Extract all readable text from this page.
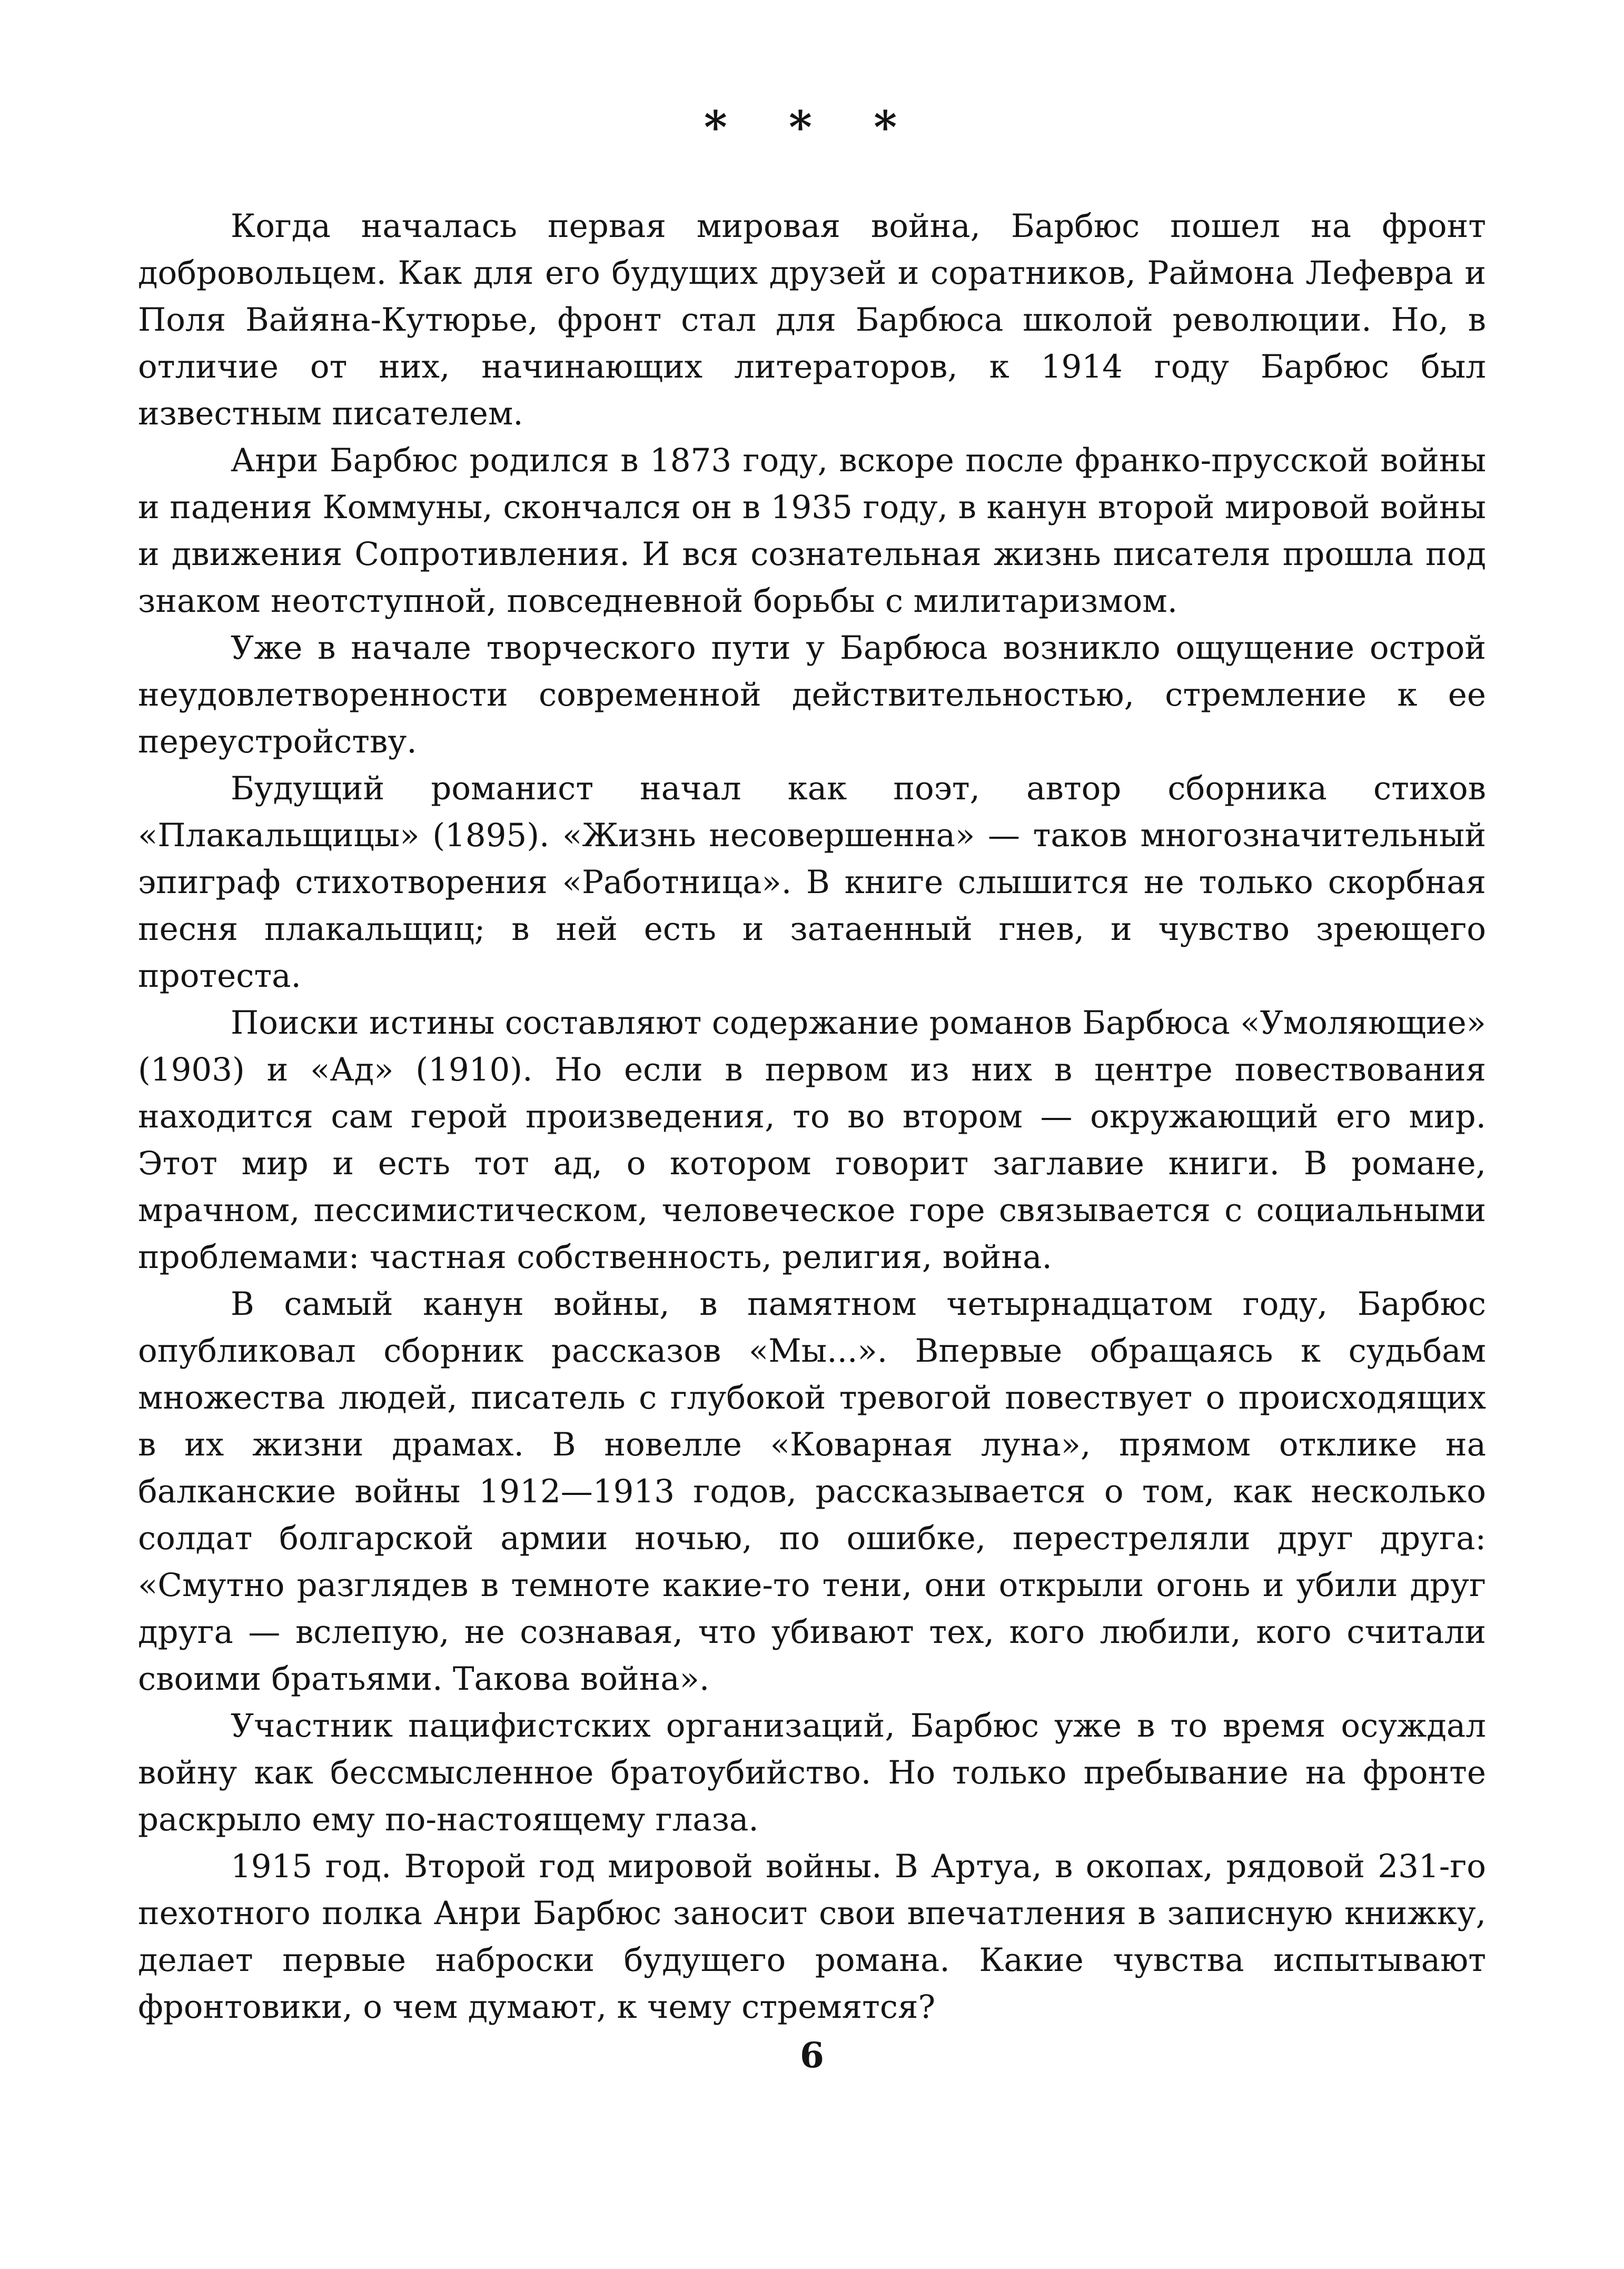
* * *

Когда началась первая мировая война, Барбюс пошел на фронт добровольцем. Как для его будущих друзей и соратников, Раймона Лефевра и Поля Вайяна-Кутюрье, фронт стал для Барбюса школой революции. Но, в отличие от них, начинающих литераторов, к 1914 году Барбюс был известным писателем.

Анри Барбюс родился в 1873 году, вскоре после франко-прусской войны и падения Коммуны, скончался он в 1935 году, в канун второй мировой войны и движения Сопротивления. И вся сознательная жизнь писателя прошла под знаком неотступной, повседневной борьбы с милитаризмом.

Уже в начале творческого пути у Барбюса возникло ощущение острой неудовлетворенности современной действительностью, стремление к ее переустройству.

Будущий романист начал как поэт, автор сборника стихов «Плакальщицы» (1895). «Жизнь несовершенна» — таков многозначительный эпиграф стихотворения «Работница». В книге слышится не только скорбная песня плакальщиц; в ней есть и затаенный гнев, и чувство зреющего протеста.

Поиски истины составляют содержание романов Барбюса «Умоляющие» (1903) и «Ад» (1910). Но если в первом из них в центре повествования находится сам герой произведения, то во втором — окружающий его мир. Этот мир и есть тот ад, о котором говорит заглавие книги. В романе, мрачном, пессимистическом, человеческое горе связывается с социальными проблемами: частная собственность, религия, война.

В самый канун войны, в памятном четырнадцатом году, Барбюс опубликовал сборник рассказов «Мы...». Впервые обращаясь к судьбам множества людей, писатель с глубокой тревогой повествует о происходящих в их жизни драмах. В новелле «Коварная луна», прямом отклике на балканские войны 1912—1913 годов, рассказывается о том, как несколько солдат болгарской армии ночью, по ошибке, перестреляли друг друга: «Смутно разглядев в темноте какие-то тени, они открыли огонь и убили друг друга — вслепую, не сознавая, что убивают тех, кого любили, кого считали своими братьями. Такова война».

Участник пацифистских организаций, Барбюс уже в то время осуждал войну как бессмысленное братоубийство. Но только пребывание на фронте раскрыло ему по-настоящему глаза.

1915 год. Второй год мировой войны. В Артуа, в окопах, рядовой 231-го пехотного полка Анри Барбюс заносит свои впечатления в записную книжку, делает первые наброски будущего романа. Какие чувства испытывают фронтовики, о чем думают, к чему стремятся?

6
